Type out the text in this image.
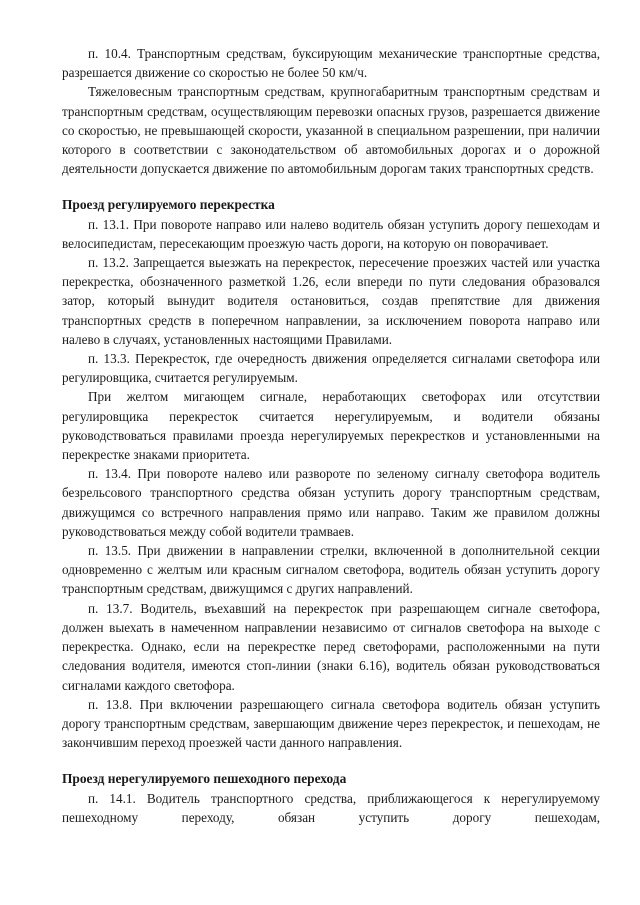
п. 10.4. Транспортным средствам, буксирующим механические транспортные средства, разрешается движение со скоростью не более 50 км/ч.

Тяжеловесным транспортным средствам, крупногабаритным транспортным средствам и транспортным средствам, осуществляющим перевозки опасных грузов, разрешается движение со скоростью, не превышающей скорости, указанной в специальном разрешении, при наличии которого в соответствии с законодательством об автомобильных дорогах и о дорожной деятельности допускается движение по автомобильным дорогам таких транспортных средств.

Проезд регулируемого перекрестка

п. 13.1. При повороте направо или налево водитель обязан уступить дорогу пешеходам и велосипедистам, пересекающим проезжую часть дороги, на которую он поворачивает.

п. 13.2. Запрещается выезжать на перекресток, пересечение проезжих частей или участка перекрестка, обозначенного разметкой 1.26, если впереди по пути следования образовался затор, который вынудит водителя остановиться, создав препятствие для движения транспортных средств в поперечном направлении, за исключением поворота направо или налево в случаях, установленных настоящими Правилами.

п. 13.3. Перекресток, где очередность движения определяется сигналами светофора или регулировщика, считается регулируемым.

При желтом мигающем сигнале, неработающих светофорах или отсутствии регулировщика перекресток считается нерегулируемым, и водители обязаны руководствоваться правилами проезда нерегулируемых перекрестков и установленными на перекрестке знаками приоритета.

п. 13.4. При повороте налево или развороте по зеленому сигналу светофора водитель безрельсового транспортного средства обязан уступить дорогу транспортным средствам, движущимся со встречного направления прямо или направо. Таким же правилом должны руководствоваться между собой водители трамваев.

п. 13.5. При движении в направлении стрелки, включенной в дополнительной секции одновременно с желтым или красным сигналом светофора, водитель обязан уступить дорогу транспортным средствам, движущимся с других направлений.

п. 13.7. Водитель, въехавший на перекресток при разрешающем сигнале светофора, должен выехать в намеченном направлении независимо от сигналов светофора на выходе с перекрестка. Однако, если на перекрестке перед светофорами, расположенными на пути следования водителя, имеются стоп-линии (знаки 6.16), водитель обязан руководствоваться сигналами каждого светофора.

п. 13.8. При включении разрешающего сигнала светофора водитель обязан уступить дорогу транспортным средствам, завершающим движение через перекресток, и пешеходам, не закончившим переход проезжей части данного направления.

Проезд нерегулируемого пешеходного перехода

п. 14.1. Водитель транспортного средства, приближающегося к нерегулируемому пешеходному переходу, обязан уступить дорогу пешеходам,
